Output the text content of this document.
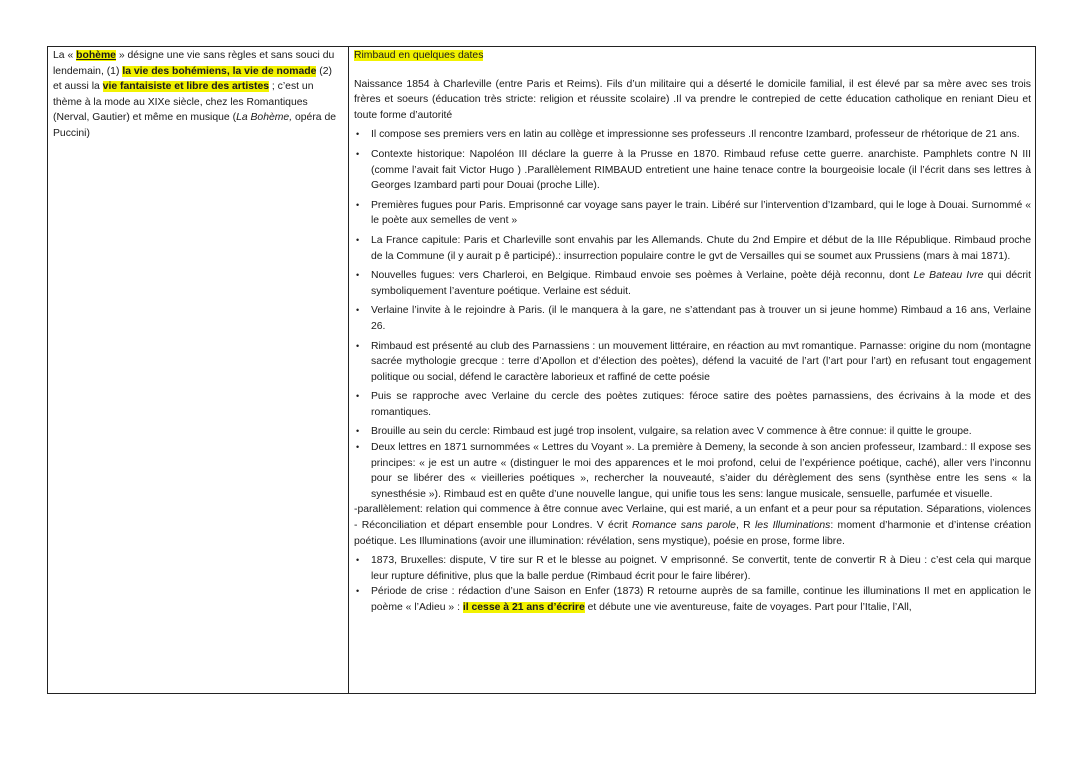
La « bohème » désigne une vie sans règles et sans souci du lendemain, (1) la vie des bohémiens, la vie de nomade (2) et aussi la vie fantaisiste et libre des artistes ; c’est un thème à la mode au XIXe siècle, chez les Romantiques (Nerval, Gautier) et même en musique (La Bohème, opéra de Puccini)	
Rimbaud en quelques dates
Naissance 1854 à Charleville (entre Paris et Reims). Fils d’un militaire qui a déserté le domicile familial, il est élevé par sa mère avec ses trois frères et soeurs (éducation très stricte: religion et réussite scolaire) .Il va prendre le contrepied de cette éducation catholique en reniant Dieu et toute forme d’autorité
• Il compose ses premiers vers en latin au collège et impressionne ses professeurs .Il rencontre Izambard, professeur de rhétorique de 21 ans.
• Contexte historique: Napoléon III déclare la guerre à la Prusse en 1870. Rimbaud refuse cette guerre. anarchiste. Pamphlets contre N III (comme l’avait fait Victor Hugo ) .Parallèlement RIMBAUD entretient une haine tenace contre la bourgeoisie locale (il l’écrit dans ses lettres à Georges Izambard parti pour Douai (proche Lille).
• Premières fugues pour Paris. Emprisonné car voyage sans payer le train. Libéré sur l’intervention d’Izambard, qui le loge à Douai. Surnommé « le poète aux semelles de vent »
• La France capitule: Paris et Charleville sont envahis par les Allemands. Chute du 2nd Empire et début de la IIIe République. Rimbaud proche de la Commune (il y aurait p ê participé).: insurrection populaire contre le gvt de Versailles qui se soumet aux Prussiens (mars à mai 1871).
• Nouvelles fugues: vers Charleroi, en Belgique. Rimbaud envoie ses poèmes à Verlaine, poète déjà reconnu, dont Le Bateau Ivre qui décrit symboliquement l’aventure poétique. Verlaine est séduit.
• Verlaine l’invite à le rejoindre à Paris. (il le manquera à la gare, ne s’attendant pas à trouver un si jeune homme) Rimbaud a 16 ans, Verlaine 26.
• Rimbaud est présenté au club des Parnassiens : un mouvement littéraire, en réaction au mvt romantique. Parnasse: origine du nom (montagne sacrée mythologie grecque : terre d’Apollon et d’élection des poètes), défend la vacuité de l’art (l’art pour l’art) en refusant tout engagement politique ou social, défend le caractère laborieux et raffiné de cette poésie
• Puis se rapproche avec Verlaine du cercle des poètes zutiques: féroce satire des poètes parnassiens, des écrivains à la mode et des romantiques.
• Brouille au sein du cercle: Rimbaud est jugé trop insolent, vulgaire, sa relation avec V commence à être connue: il quitte le groupe.
• Deux lettres en 1871 surnommées « Lettres du Voyant ». La première à Demeny, la seconde à son ancien professeur, Izambard.: Il expose ses principes: « je est un autre « (distinguer le moi des apparences et le moi profond, celui de l’expérience poétique, caché), aller vers l’inconnu pour se libérer des « vieilleries poétiques », rechercher la nouveauté, s’aider du dérèglement des sens (synthèse entre les sens « la synesthésie »). Rimbaud est en quête d’une nouvelle langue, qui unifie tous les sens: langue musicale, sensuelle, parfumée et visuelle.
-parallèlement: relation qui commence à être connue avec Verlaine, qui est marié, a un enfant et a peur pour sa réputation. Séparations, violences - Réconciliation et départ ensemble pour Londres. V écrit Romance sans parole, R les Illuminations: moment d’harmonie et d’intense création poétique. Les Illuminations (avoir une illumination: révélation, sens mystique), poésie en prose, forme libre.
• 1873, Bruxelles: dispute, V tire sur R et le blesse au poignet. V emprisonné. Se convertit, tente de convertir R à Dieu : c’est cela qui marque leur rupture définitive, plus que la balle perdue (Rimbaud écrit pour le faire libérer).
• Période de crise : rédaction d’une Saison en Enfer (1873) R retourne auprès de sa famille, continue les illuminations Il met en application le poème « l’Adieu » : il cesse à 21 ans d’écrire et débute une vie aventureuse, faite de voyages. Part pour l’Italie, l’All,
